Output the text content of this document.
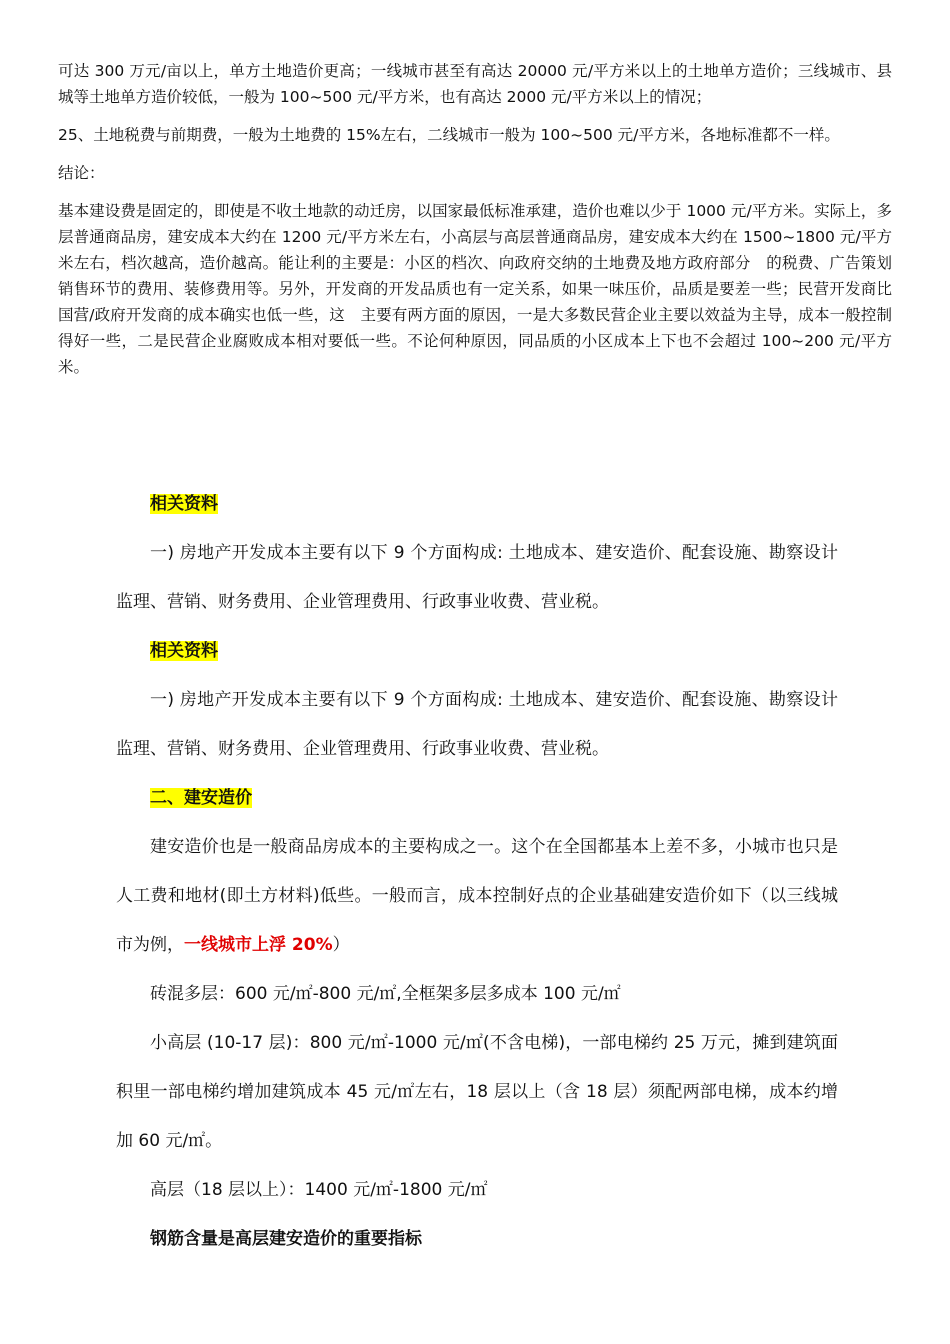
可达 300 万元/亩以上，单方土地造价更高；一线城市甚至有高达 20000 元/平方米以上的土地单方造价；三线城市、县城等土地单方造价较低，一般为 100~500 元/平方米，也有高达 2000 元/平方米以上的情况；

25、土地税费与前期费，一般为土地费的 15%左右，二线城市一般为 100~500 元/平方米，各地标准都不一样。

结论：

基本建设费是固定的，即使是不收土地款的动迁房，以国家最低标准承建，造价也难以少于 1000 元/平方米。实际上，多层普通商品房，建安成本大约在 1200 元/平方米左右，小高层与高层普通商品房，建安成本大约在 1500~1800 元/平方米左右，档次越高，造价越高。能让利的主要是：小区的档次、向政府交纳的土地费及地方政府部分　的税费、广告策划销售环节的费用、装修费用等。另外，开发商的开发品质也有一定关系，如果一味压价，品质是要差一些；民营开发商比国营/政府开发商的成本确实也低一些，这　主要有两方面的原因，一是大多数民营企业主要以效益为主导，成本一般控制得好一些，二是民营企业腐败成本相对要低一些。不论何种原因，同品质的小区成本上下也不会超过 100~200 元/平方米。

相关资料

一) 房地产开发成本主要有以下 9 个方面构成: 土地成本、建安造价、配套设施、勘察设计监理、营销、财务费用、企业管理费用、行政事业收费、营业税。

相关资料

一) 房地产开发成本主要有以下 9 个方面构成: 土地成本、建安造价、配套设施、勘察设计监理、营销、财务费用、企业管理费用、行政事业收费、营业税。

二、建安造价

建安造价也是一般商品房成本的主要构成之一。这个在全国都基本上差不多，小城市也只是人工费和地材(即土方材料)低些。一般而言，成本控制好点的企业基础建安造价如下（以三线城市为例，一线城市上浮 20%）

砖混多层：600 元/㎡-800 元/㎡,全框架多层多成本 100 元/㎡

小高层 (10-17 层)：800 元/㎡-1000 元/㎡(不含电梯)，一部电梯约 25 万元，摊到建筑面积里一部电梯约增加建筑成本 45 元/㎡左右，18 层以上（含 18 层）须配两部电梯，成本约增加 60 元/㎡。

高层（18 层以上）：1400 元/㎡-1800 元/㎡

钢筋含量是高层建安造价的重要指标
